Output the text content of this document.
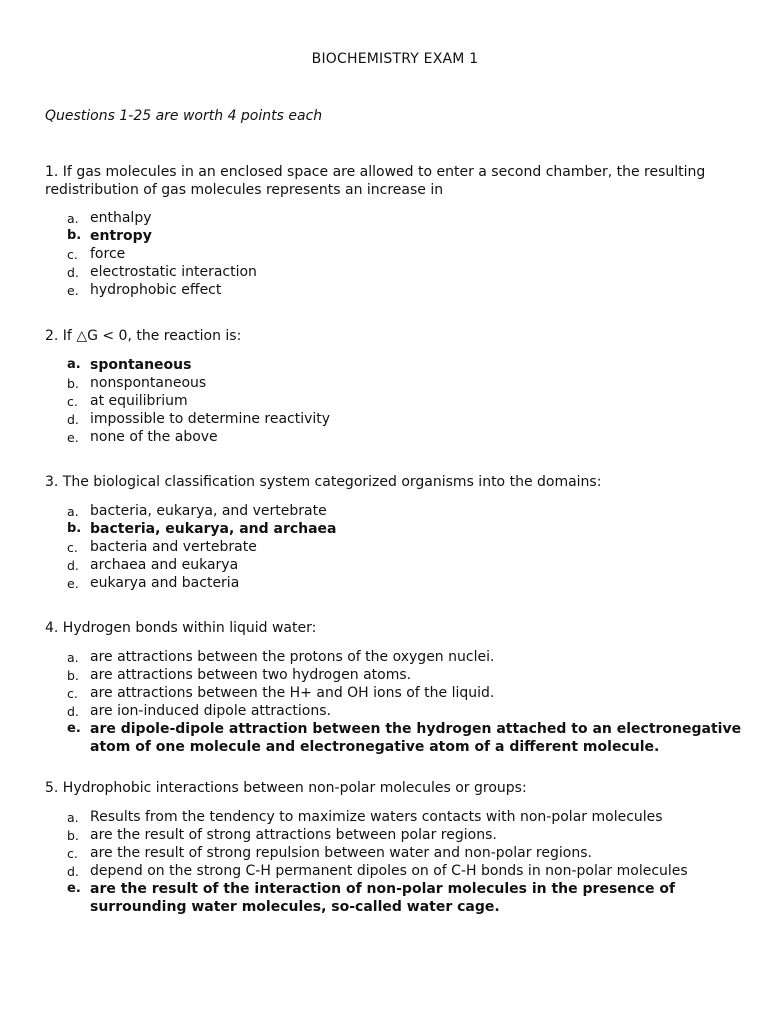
BIOCHEMISTRY EXAM 1
Questions 1-25 are worth 4 points each

1. If gas molecules in an enclosed space are allowed to enter a second chamber, the resulting redistribution of gas molecules represents an increase in

a. enthalpy
b. entropy
c. force
d. electrostatic interaction
e. hydrophobic effect

2. If △G < 0, the reaction is:

a. spontaneous
b. nonspontaneous
c. at equilibrium
d. impossible to determine reactivity
e. none of the above

3. The biological classification system categorized organisms into the domains:

a. bacteria, eukarya, and vertebrate
b. bacteria, eukarya, and archaea
c. bacteria and vertebrate
d. archaea and eukarya
e. eukarya and bacteria

4. Hydrogen bonds within liquid water:

a. are attractions between the protons of the oxygen nuclei.
b. are attractions between two hydrogen atoms.
c. are attractions between the H+ and OH ions of the liquid.
d. are ion-induced dipole attractions.
e. are dipole-dipole attraction between the hydrogen attached to an electronegative atom of one molecule and electronegative atom of a different molecule.

5. Hydrophobic interactions between non-polar molecules or groups:

a. Results from the tendency to maximize waters contacts with non-polar molecules
b. are the result of strong attractions between polar regions.
c. are the result of strong repulsion between water and non-polar regions.
d. depend on the strong C-H permanent dipoles on of C-H bonds in non-polar molecules
e. are the result of the interaction of non-polar molecules in the presence of surrounding water molecules, so-called water cage.
